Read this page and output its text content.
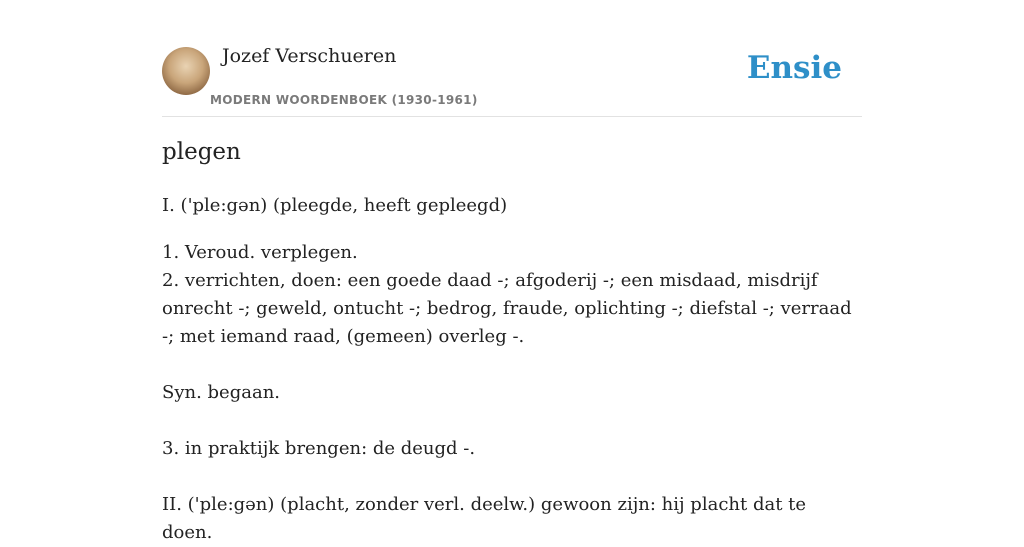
Jozef Verschueren
MODERN WOORDENBOEK (1930-1961)
Ensie
plegen

I. ('ple:gən) (pleegde, heeft gepleegd)

1. Veroud. verplegen.

2. verrichten, doen: een goede daad -; afgoderij -; een misdaad, misdrijf onrecht -; geweld, ontucht -; bedrog, fraude, oplichting -; diefstal -; verraad -; met iemand raad, (gemeen) overleg -.

Syn. begaan.

3. in praktijk brengen: de deugd -.

II. ('ple:gən) (placht, zonder verl. deelw.) gewoon zijn: hij placht dat te doen.
